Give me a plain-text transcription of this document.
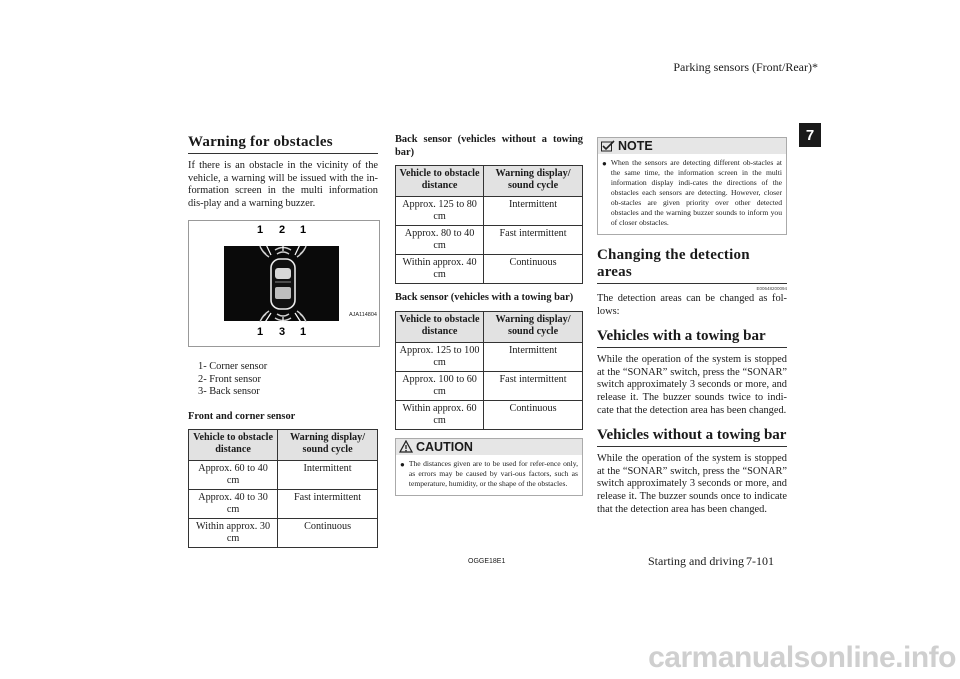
Parking sensors (Front/Rear)*
7
Warning for obstacles

If there is an obstacle in the vicinity of the vehicle, a warning will be issued with the in-formation screen in the multi information dis-play and a warning buzzer.

1 2 1
1 3 1
AJA114804
1- Corner sensor
2- Front sensor
3- Back sensor
Front and corner sensor
Vehicle to obstacle distance	Warning display/ sound cycle
Approx. 60 to 40 cm	Intermittent
Approx. 40 to 30 cm	Fast intermittent
Within approx. 30 cm	Continuous
Back sensor (vehicles without a towing bar)
Vehicle to obstacle distance	Warning display/ sound cycle
Approx. 125 to 80 cm	Intermittent
Approx. 80 to 40 cm	Fast intermittent
Within approx. 40 cm	Continuous
Back sensor (vehicles with a towing bar)
Vehicle to obstacle distance	Warning display/ sound cycle
Approx. 125 to 100 cm	Intermittent
Approx. 100 to 60 cm	Fast intermittent
Within approx. 60 cm	Continuous
CAUTION
● The distances given are to be used for refer-ence only, as errors may be caused by vari-ous factors, such as temperature, humidity, or the shape of the obstacles.

NOTE
● When the sensors are detecting different ob-stacles at the same time, the information screen in the multi information display indi-cates the directions of the obstacles each sensors are detecting. However, closer ob-stacles are given priority over other detected obstacles and the warning buzzer sounds to inform you of closer obstacles.

Changing the detection areas
E00648200094

The detection areas can be changed as fol-lows:

Vehicles with a towing bar

While the operation of the system is stopped at the “SONAR” switch, press the “SONAR” switch approximately 3 seconds or more, and release it. The buzzer sounds twice to indi-cate that the detection area has been changed.

Vehicles without a towing bar

While the operation of the system is stopped at the “SONAR” switch, press the “SONAR” switch approximately 3 seconds or more, and release it. The buzzer sounds once to indicate that the detection area has been changed.

OGGE18E1	Starting and driving 7-101
carmanualsonline.info
